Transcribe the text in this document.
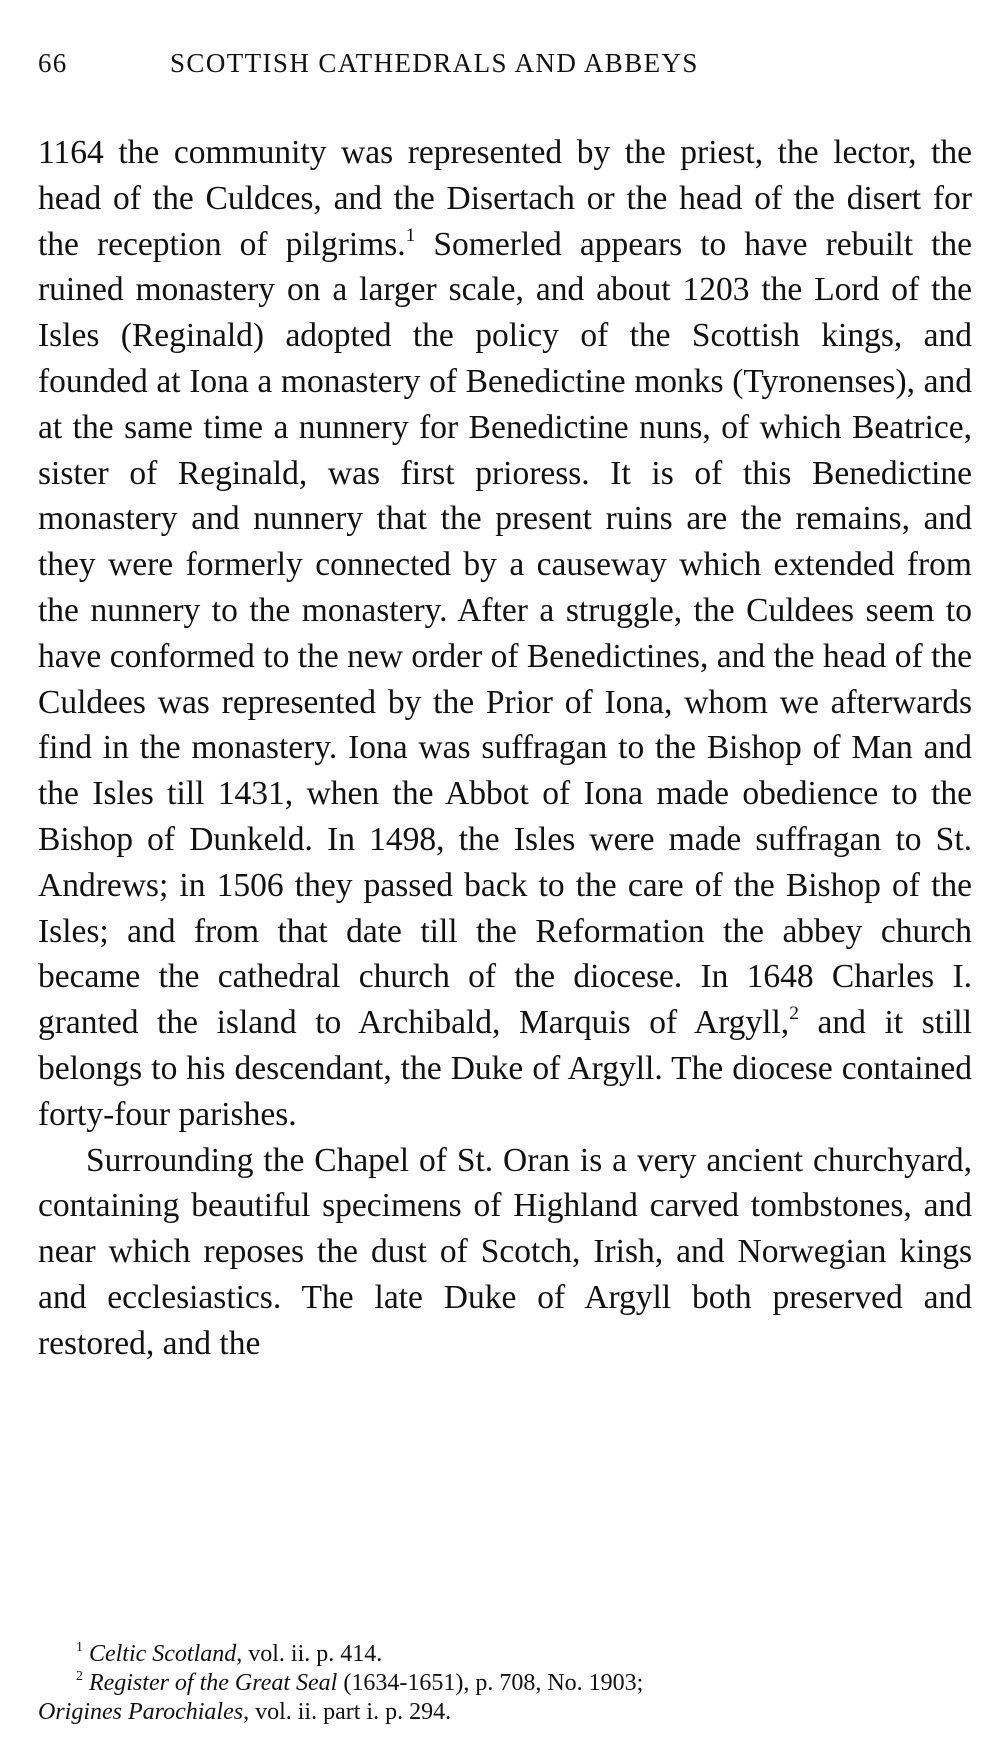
66	SCOTTISH CATHEDRALS AND ABBEYS

1164 the community was represented by the priest, the lector, the head of the Culdces, and the Disertach or the head of the disert for the reception of pilgrims.$^1$ Somerled appears to have rebuilt the ruined monastery on a larger scale, and about 1203 the Lord of the Isles (Reginald) adopted the policy of the Scottish kings, and founded at Iona a monastery of Benedictine monks (Tyronenses), and at the same time a nunnery for Benedictine nuns, of which Beatrice, sister of Reginald, was first prioress. It is of this Benedictine monastery and nunnery that the present ruins are the remains, and they were formerly connected by a causeway which extended from the nunnery to the monastery. After a struggle, the Culdees seem to have conformed to the new order of Benedictines, and the head of the Culdees was represented by the Prior of Iona, whom we afterwards find in the monastery. Iona was suffragan to the Bishop of Man and the Isles till 1431, when the Abbot of Iona made obedience to the Bishop of Dunkeld. In 1498, the Isles were made suffragan to St. Andrews; in 1506 they passed back to the care of the Bishop of the Isles; and from that date till the Reformation the abbey church became the cathedral church of the diocese. In 1648 Charles I. granted the island to Archibald, Marquis of Argyll,$^2$ and it still belongs to his descendant, the Duke of Argyll. The diocese contained forty-four parishes.

Surrounding the Chapel of St. Oran is a very ancient churchyard, containing beautiful specimens of Highland carved tombstones, and near which reposes the dust of Scotch, Irish, and Norwegian kings and ecclesiastics. The late Duke of Argyll both preserved and restored, and the

$^1$ Celtic Scotland, vol. ii. p. 414.

$^2$ Register of the Great Seal (1634-1651), p. 708, No. 1903;

Origines Parochiales, vol. ii. part i. p. 294.
